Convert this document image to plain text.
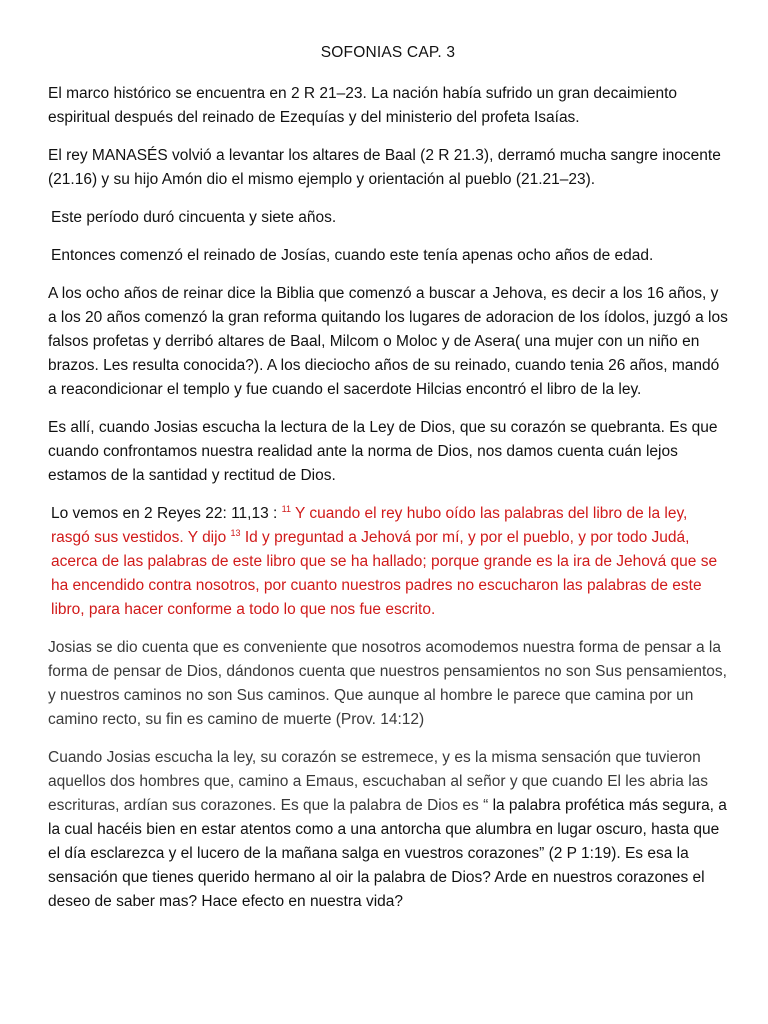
SOFONIAS CAP. 3

El marco histórico se encuentra en 2 R 21–23. La nación había sufrido un gran decaimiento espiritual después del reinado de Ezequías y del ministerio del profeta Isaías.

El rey MANASÉS volvió a levantar los altares de Baal (2 R 21.3), derramó mucha sangre inocente (21.16) y su hijo Amón dio el mismo ejemplo y orientación al pueblo (21.21–23).

Este período duró cincuenta y siete años.

Entonces comenzó el reinado de Josías, cuando este tenía apenas ocho años de edad.

A los ocho años de reinar dice la Biblia que comenzó a buscar a Jehova, es decir a los 16 años, y a los 20 años comenzó la gran reforma quitando los lugares de adoracion de los ídolos, juzgó a los falsos profetas y derribó altares de Baal, Milcom o Moloc y de Asera( una mujer con un niño en brazos. Les resulta conocida?). A los dieciocho años de su reinado, cuando tenia 26 años, mandó a reacondicionar el templo y fue cuando el sacerdote Hilcias encontró el libro de la ley.

Es allí, cuando Josias escucha la lectura de la Ley de Dios, que su corazón se quebranta. Es que cuando confrontamos nuestra realidad ante la norma de Dios, nos damos cuenta cuán lejos estamos de la santidad y rectitud de Dios.

Lo vemos en 2 Reyes 22: 11,13 : $^{11}$ Y cuando el rey hubo oído las palabras del libro de la ley, rasgó sus vestidos. Y dijo $^{13}$ Id y preguntad a Jehová por mí, y por el pueblo, y por todo Judá, acerca de las palabras de este libro que se ha hallado; porque grande es la ira de Jehová que se ha encendido contra nosotros, por cuanto nuestros padres no escucharon las palabras de este libro, para hacer conforme a todo lo que nos fue escrito.

Josias se dio cuenta que es conveniente que nosotros acomodemos nuestra forma de pensar a la forma de pensar de Dios, dándonos cuenta que nuestros pensamientos no son Sus pensamientos, y nuestros caminos no son Sus caminos. Que aunque al hombre le parece que camina por un camino recto, su fin es camino de muerte (Prov. 14:12)

Cuando Josias escucha la ley, su corazón se estremece, y es la misma sensación que tuvieron aquellos dos hombres que, camino a Emaus, escuchaban al señor y que cuando El les abria las escrituras, ardían sus corazones. Es que la palabra de Dios es “ la palabra profética más segura, a la cual hacéis bien en estar atentos como a una antorcha que alumbra en lugar oscuro, hasta que el día esclarezca y el lucero de la mañana salga en vuestros corazones” (2 P 1:19). Es esa la sensación que tienes querido hermano al oir la palabra de Dios? Arde en nuestros corazones el deseo de saber mas? Hace efecto en nuestra vida?
